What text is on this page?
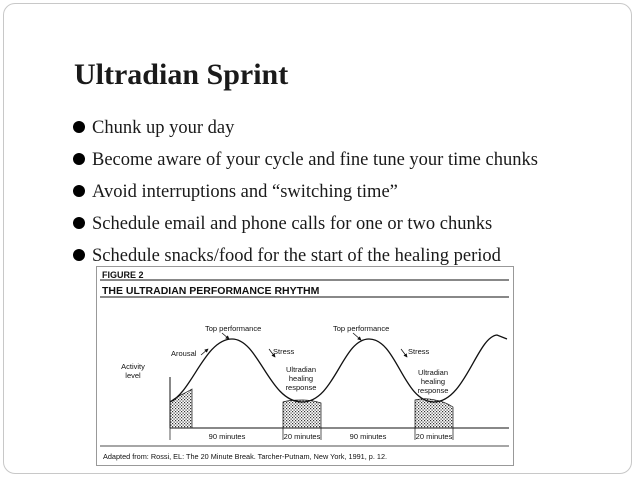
Ultradian Sprint
Chunk up your day
Become aware of your cycle and fine tune your time chunks
Avoid interruptions and “switching time”
Schedule email and phone calls for one or two chunks
Schedule snacks/food for the start of the healing period
FIGURE 2
THE ULTRADIAN PERFORMANCE RHYTHM
Activity
level
Top performance	Top performance
Arousal	Stress	Stress
Ultradian
healing
response
Ultradian
healing
response
90 minutes	20 minutes	90 minutes	20 minutes
Adapted from: Rossi, EL: The 20 Minute Break. Tarcher-Putnam, New York, 1991, p. 12.
